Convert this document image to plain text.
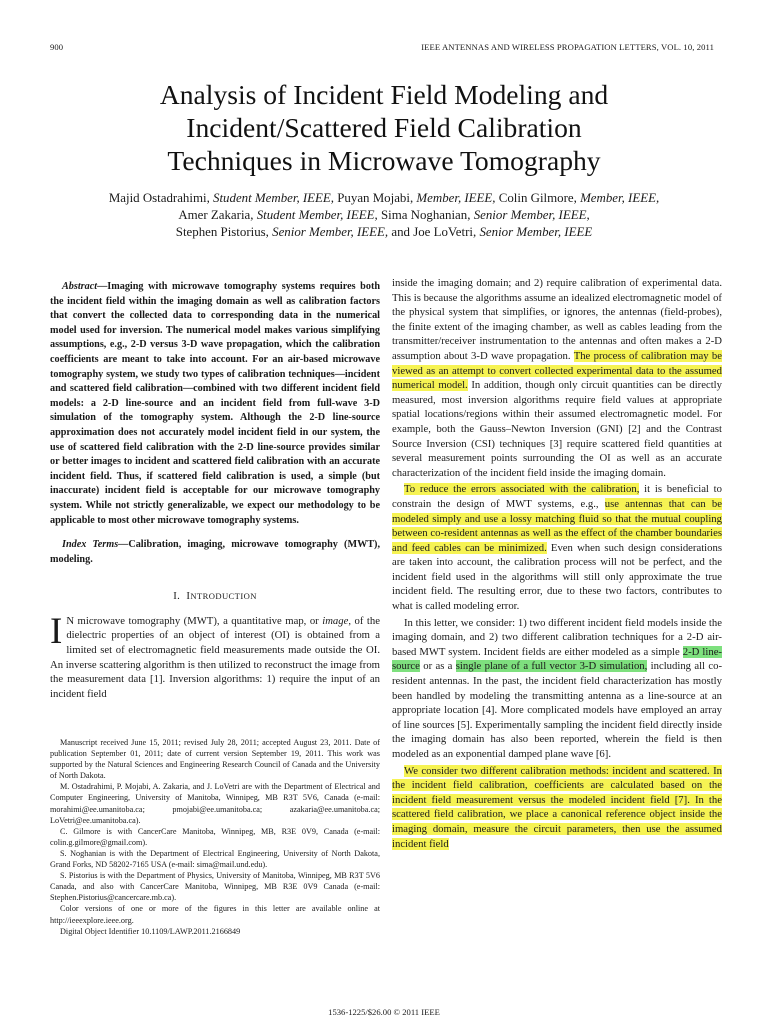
900	IEEE ANTENNAS AND WIRELESS PROPAGATION LETTERS, VOL. 10, 2011
Analysis of Incident Field Modeling and
Incident/Scattered Field Calibration
Techniques in Microwave Tomography
Majid Ostadrahimi, Student Member, IEEE, Puyan Mojabi, Member, IEEE, Colin Gilmore, Member, IEEE,
Amer Zakaria, Student Member, IEEE, Sima Noghanian, Senior Member, IEEE,
Stephen Pistorius, Senior Member, IEEE, and Joe LoVetri, Senior Member, IEEE

Abstract—Imaging with microwave tomography systems requires both the incident field within the imaging domain as well as calibration factors that convert the collected data to corresponding data in the numerical model used for inversion. The numerical model makes various simplifying assumptions, e.g., 2-D versus 3-D wave propagation, which the calibration coefficients are meant to take into account. For an air-based microwave tomography system, we study two types of calibration techniques—incident and scattered field calibration—combined with two different incident field models: a 2-D line-source and an incident field from full-wave 3-D simulation of the tomography system. Although the 2-D line-source approximation does not accurately model incident field in our system, the use of scattered field calibration with the 2-D line-source provides similar or better images to incident and scattered field calibration with an accurate incident field. Thus, if scattered field calibration is used, a simple (but inaccurate) incident field is acceptable for our microwave tomography system. While not strictly generalizable, we expect our methodology to be applicable to most other microwave tomography systems.

Index Terms—Calibration, imaging, microwave tomography (MWT), modeling.

I. INTRODUCTION

I N microwave tomography (MWT), a quantitative map, or image, of the dielectric properties of an object of interest (OI) is obtained from a limited set of electromagnetic field measurements made outside the OI. An inverse scattering algorithm is then utilized to reconstruct the image from the measurement data [1]. Inversion algorithms: 1) require the input of an incident field

Manuscript received June 15, 2011; revised July 28, 2011; accepted August 23, 2011. Date of publication September 01, 2011; date of current version September 19, 2011. This work was supported by the Natural Sciences and Engineering Research Council of Canada and the University of North Dakota.

M. Ostadrahimi, P. Mojabi, A. Zakaria, and J. LoVetri are with the Department of Electrical and Computer Engineering, University of Manitoba, Winnipeg, MB R3T 5V6, Canada (e-mail: morahimi@ee.umanitoba.ca; pmojabi@ee.umanitoba.ca; azakaria@ee.umanitoba.ca; LoVetri@ee.umanitoba.ca).

C. Gilmore is with CancerCare Manitoba, Winnipeg, MB, R3E 0V9, Canada (e-mail: colin.g.gilmore@gmail.com).

S. Noghanian is with the Department of Electrical Engineering, University of North Dakota, Grand Forks, ND 58202-7165 USA (e-mail: sima@mail.und.edu).

S. Pistorius is with the Department of Physics, University of Manitoba, Winnipeg, MB R3T 5V6 Canada, and also with CancerCare Manitoba, Winnipeg, MB R3E 0V9 Canada (e-mail: Stephen.Pistorius@cancercare.mb.ca).

Color versions of one or more of the figures in this letter are available online at http://ieeexplore.ieee.org.

Digital Object Identifier 10.1109/LAWP.2011.2166849

inside the imaging domain; and 2) require calibration of experimental data. This is because the algorithms assume an idealized electromagnetic model of the physical system that simplifies, or ignores, the antennas (field-probes), the finite extent of the imaging chamber, as well as cables leading from the transmitter/receiver instrumentation to the antennas and often makes a 2-D assumption about 3-D wave propagation. The process of calibration may be viewed as an attempt to convert collected experimental data to the assumed numerical model. In addition, though only circuit quantities can be directly measured, most inversion algorithms require field values at appropriate spatial locations/regions within their assumed electromagnetic model. For example, both the Gauss–Newton Inversion (GNI) [2] and the Contrast Source Inversion (CSI) techniques [3] require scattered field quantities at several measurement points surrounding the OI as well as an accurate characterization of the incident field inside the imaging domain.

To reduce the errors associated with the calibration, it is beneficial to constrain the design of MWT systems, e.g., use antennas that can be modeled simply and use a lossy matching fluid so that the mutual coupling between co-resident antennas as well as the effect of the chamber boundaries and feed cables can be minimized. Even when such design considerations are taken into account, the calibration process will not be perfect, and the incident field used in the algorithms will still only approximate the true incident field. The resulting error, due to these two factors, contributes to what is called modeling error.

In this letter, we consider: 1) two different incident field models inside the imaging domain, and 2) two different calibration techniques for a 2-D air-based MWT system. Incident fields are either modeled as a simple 2-D line-source or as a single plane of a full vector 3-D simulation, including all co-resident antennas. In the past, the incident field characterization has mostly been handled by modeling the transmitting antenna as a line-source at an appropriate location [4]. More complicated models have employed an array of line sources [5]. Experimentally sampling the incident field directly inside the imaging domain has also been reported, wherein the field is then modeled as an exponential damped plane wave [6].

We consider two different calibration methods: incident and scattered. In the incident field calibration, coefficients are calculated based on the incident field measurement versus the modeled incident field [7]. In the scattered field calibration, we place a canonical reference object inside the imaging domain, measure the circuit parameters, then use the assumed incident field

1536-1225/$26.00 © 2011 IEEE
